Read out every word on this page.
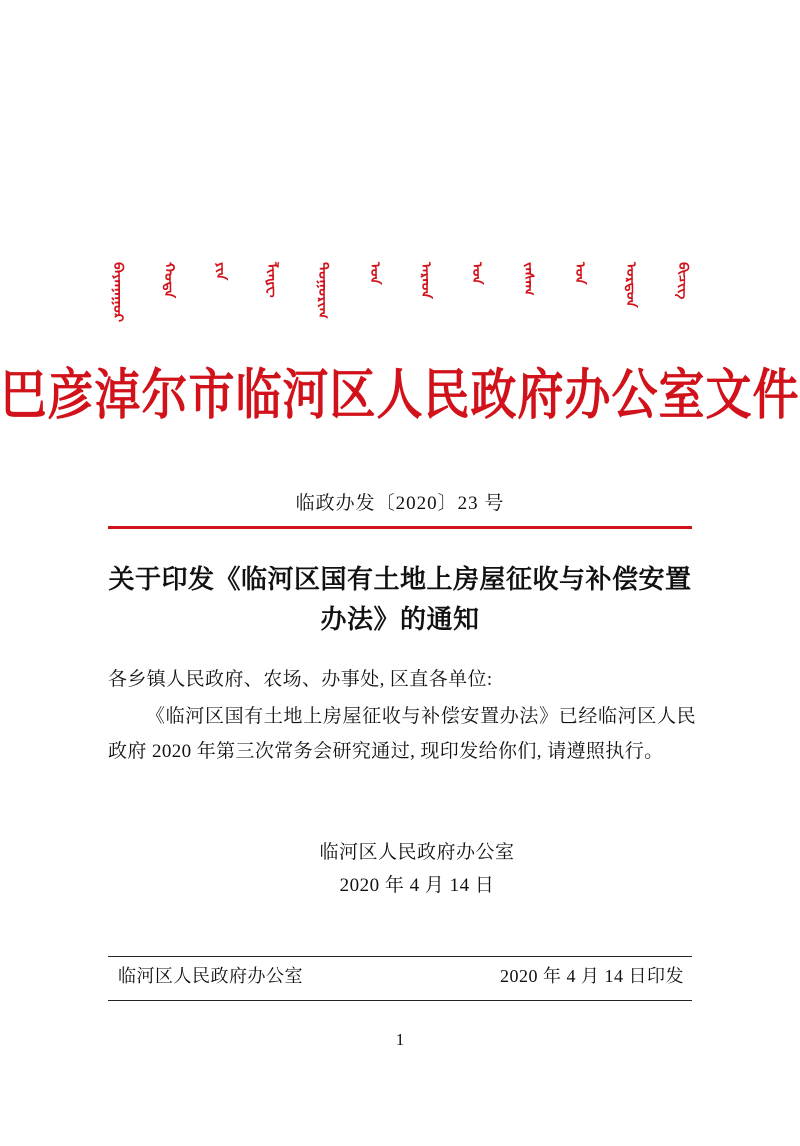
ᠪᠠᠶᠠᠨᠨᠠᠭᠤᠷ ᠬᠣᠲᠠ ᠶᠢᠨ ᠯᠢᠨᠾᠧ ᠲᠣᠭᠣᠷᠢᠭ ᠤᠨ ᠠᠷᠠᠳ ᠤᠨ ᠵᠠᠰᠠᠭ ᠤᠨ ᠣᠷᠳᠣᠨ ᠪᠢᠴᠢᠭ
巴彦淖尔市临河区人民政府办公室文件
临政办发〔2020〕23 号
关于印发《临河区国有土地上房屋征收与补偿安置办法》的通知

各乡镇人民政府、农场、办事处, 区直各单位:

《临河区国有土地上房屋征收与补偿安置办法》已经临河区人民政府 2020 年第三次常务会研究通过, 现印发给你们, 请遵照执行。

临河区人民政府办公室
2020 年 4 月 14 日
临河区人民政府办公室	2020 年 4 月 14 日印发
1
